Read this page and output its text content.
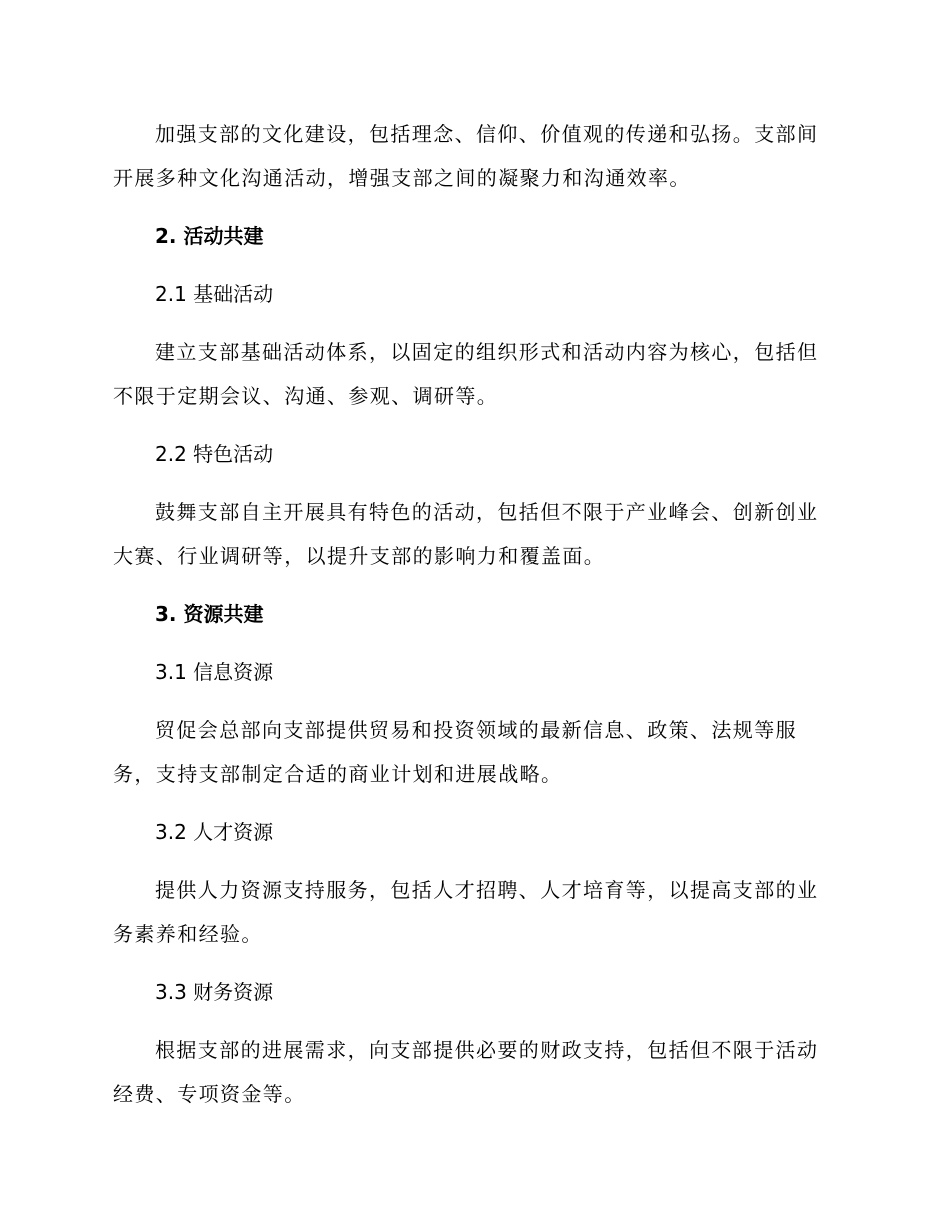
加强支部的文化建设，包括理念、信仰、价值观的传递和弘扬。支部间开展多种文化沟通活动，增强支部之间的凝聚力和沟通效率。

2. 活动共建

2.1 基础活动

建立支部基础活动体系，以固定的组织形式和活动内容为核心，包括但不限于定期会议、沟通、参观、调研等。

2.2 特色活动

鼓舞支部自主开展具有特色的活动，包括但不限于产业峰会、创新创业大赛、行业调研等，以提升支部的影响力和覆盖面。

3. 资源共建

3.1 信息资源

贸促会总部向支部提供贸易和投资领域的最新信息、政策、法规等服务，支持支部制定合适的商业计划和进展战略。

3.2 人才资源

提供人力资源支持服务，包括人才招聘、人才培育等，以提高支部的业务素养和经验。

3.3 财务资源

根据支部的进展需求，向支部提供必要的财政支持，包括但不限于活动经费、专项资金等。
